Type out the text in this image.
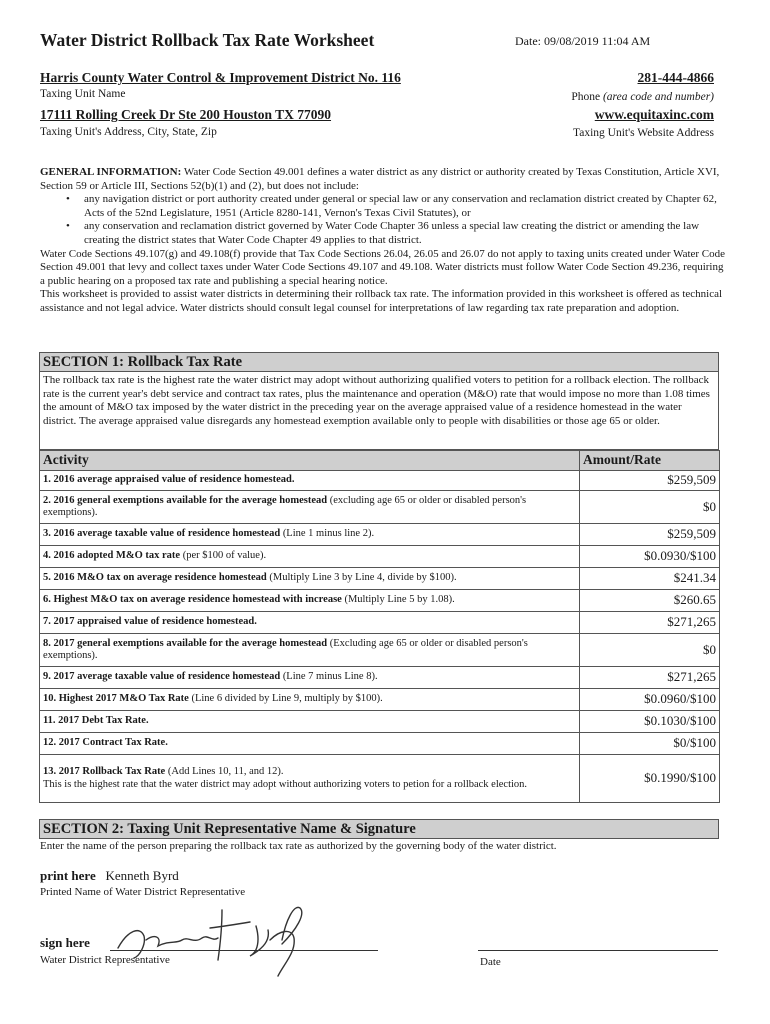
Water District Rollback Tax Rate Worksheet	Date: 09/08/2019 11:04 AM
Harris County Water Control & Improvement District No. 116
Taxing Unit Name
281-444-4866
Phone (area code and number)
17111 Rolling Creek Dr Ste 200 Houston TX 77090
Taxing Unit's Address, City, State, Zip
www.equitaxinc.com
Taxing Unit's Website Address

GENERAL INFORMATION: Water Code Section 49.001 defines a water district as any district or authority created by Texas Constitution, Article XVI, Section 59 or Article III, Sections 52(b)(1) and (2), but does not include:

• any navigation district or port authority created under general or special law or any conservation and reclamation district created by Chapter 62, Acts of the 52nd Legislature, 1951 (Article 8280-141, Vernon's Texas Civil Statutes), or
• any conservation and reclamation district governed by Water Code Chapter 36 unless a special law creating the district or amending the law creating the district states that Water Code Chapter 49 applies to that district.

Water Code Sections 49.107(g) and 49.108(f) provide that Tax Code Sections 26.04, 26.05 and 26.07 do not apply to taxing units created under Water Code Section 49.001 that levy and collect taxes under Water Code Sections 49.107 and 49.108. Water districts must follow Water Code Section 49.236, requiring a public hearing on a proposed tax rate and publishing a special hearing notice.

This worksheet is provided to assist water districts in determining their rollback tax rate. The information provided in this worksheet is offered as technical assistance and not legal advice. Water districts should consult legal counsel for interpretations of law regarding tax rate preparation and adoption.

SECTION 1: Rollback Tax Rate
The rollback tax rate is the highest rate the water district may adopt without authorizing qualified voters to petition for a rollback election. The rollback rate is the current year's debt service and contract tax rates, plus the maintenance and operation (M&O) rate that would impose no more than 1.08 times the amount of M&O tax imposed by the water district in the preceding year on the average appraised value of a residence homestead in the water district. The average appraised value disregards any homestead exemption available only to people with disabilities or those age 65 or older.
Activity	Amount/Rate
1. 2016 average appraised value of residence homestead.	$259,509
2. 2016 general exemptions available for the average homestead (excluding age 65 or older or disabled person's exemptions).	$0
3. 2016 average taxable value of residence homestead (Line 1 minus line 2).	$259,509
4. 2016 adopted M&O tax rate (per $100 of value).	$0.0930/$100
5. 2016 M&O tax on average residence homestead (Multiply Line 3 by Line 4, divide by $100).	$241.34
6. Highest M&O tax on average residence homestead with increase (Multiply Line 5 by 1.08).	$260.65
7. 2017 appraised value of residence homestead.	$271,265
8. 2017 general exemptions available for the average homestead (Excluding age 65 or older or disabled person's exemptions).	$0
9. 2017 average taxable value of residence homestead (Line 7 minus Line 8).	$271,265
10. Highest 2017 M&O Tax Rate (Line 6 divided by Line 9, multiply by $100).	$0.0960/$100
11. 2017 Debt Tax Rate.	$0.1030/$100
12. 2017 Contract Tax Rate.	$0/$100
13. 2017 Rollback Tax Rate (Add Lines 10, 11, and 12).
This is the highest rate that the water district may adopt without authorizing voters to petion for a rollback election.	$0.1990/$100
SECTION 2: Taxing Unit Representative Name & Signature
Enter the name of the person preparing the rollback tax rate as authorized by the governing body of the water district.
print here Kenneth Byrd
Printed Name of Water District Representative
sign here
Water District Representative	Date
